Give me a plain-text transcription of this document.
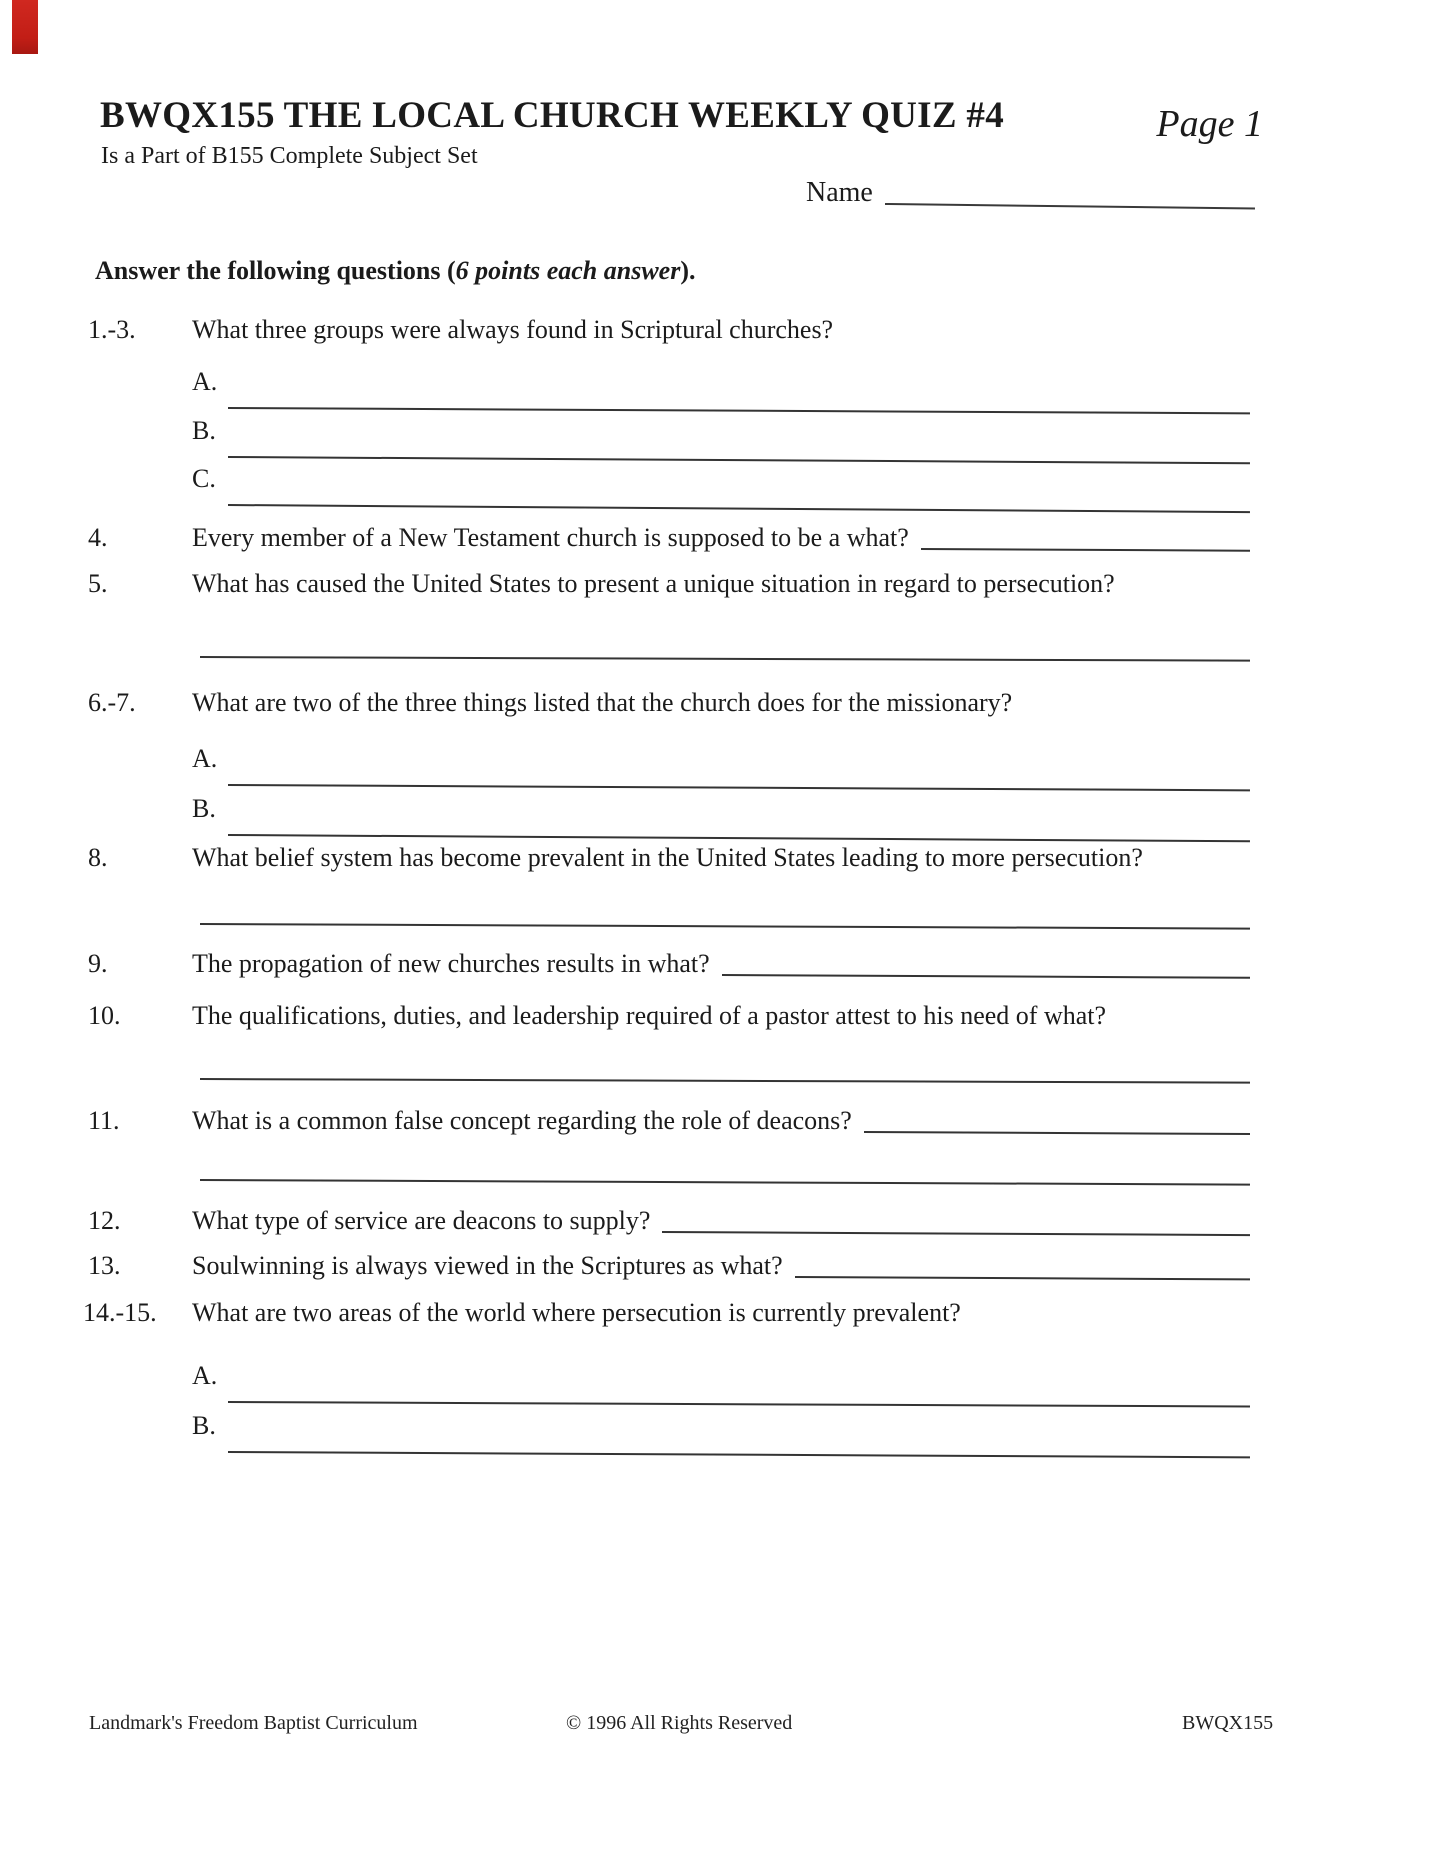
BWQX155 THE LOCAL CHURCH WEEKLY QUIZ #4	Page 1
Is a Part of B155 Complete Subject Set
Name
Answer the following questions (6 points each answer).
1.-3.	What three groups were always found in Scriptural churches?
A.
B.
C.
4.	Every member of a New Testament church is supposed to be a what?
5.	What has caused the United States to present a unique situation in regard to persecution?
6.-7.	What are two of the three things listed that the church does for the missionary?
A.
B.
8.	What belief system has become prevalent in the United States leading to more persecution?
9.	The propagation of new churches results in what?
10.	The qualifications, duties, and leadership required of a pastor attest to his need of what?
11.	What is a common false concept regarding the role of deacons?
12.	What type of service are deacons to supply?
13.	Soulwinning is always viewed in the Scriptures as what?
14.-15.	What are two areas of the world where persecution is currently prevalent?
A.
B.
Landmark's Freedom Baptist Curriculum	© 1996 All Rights Reserved	BWQX155
